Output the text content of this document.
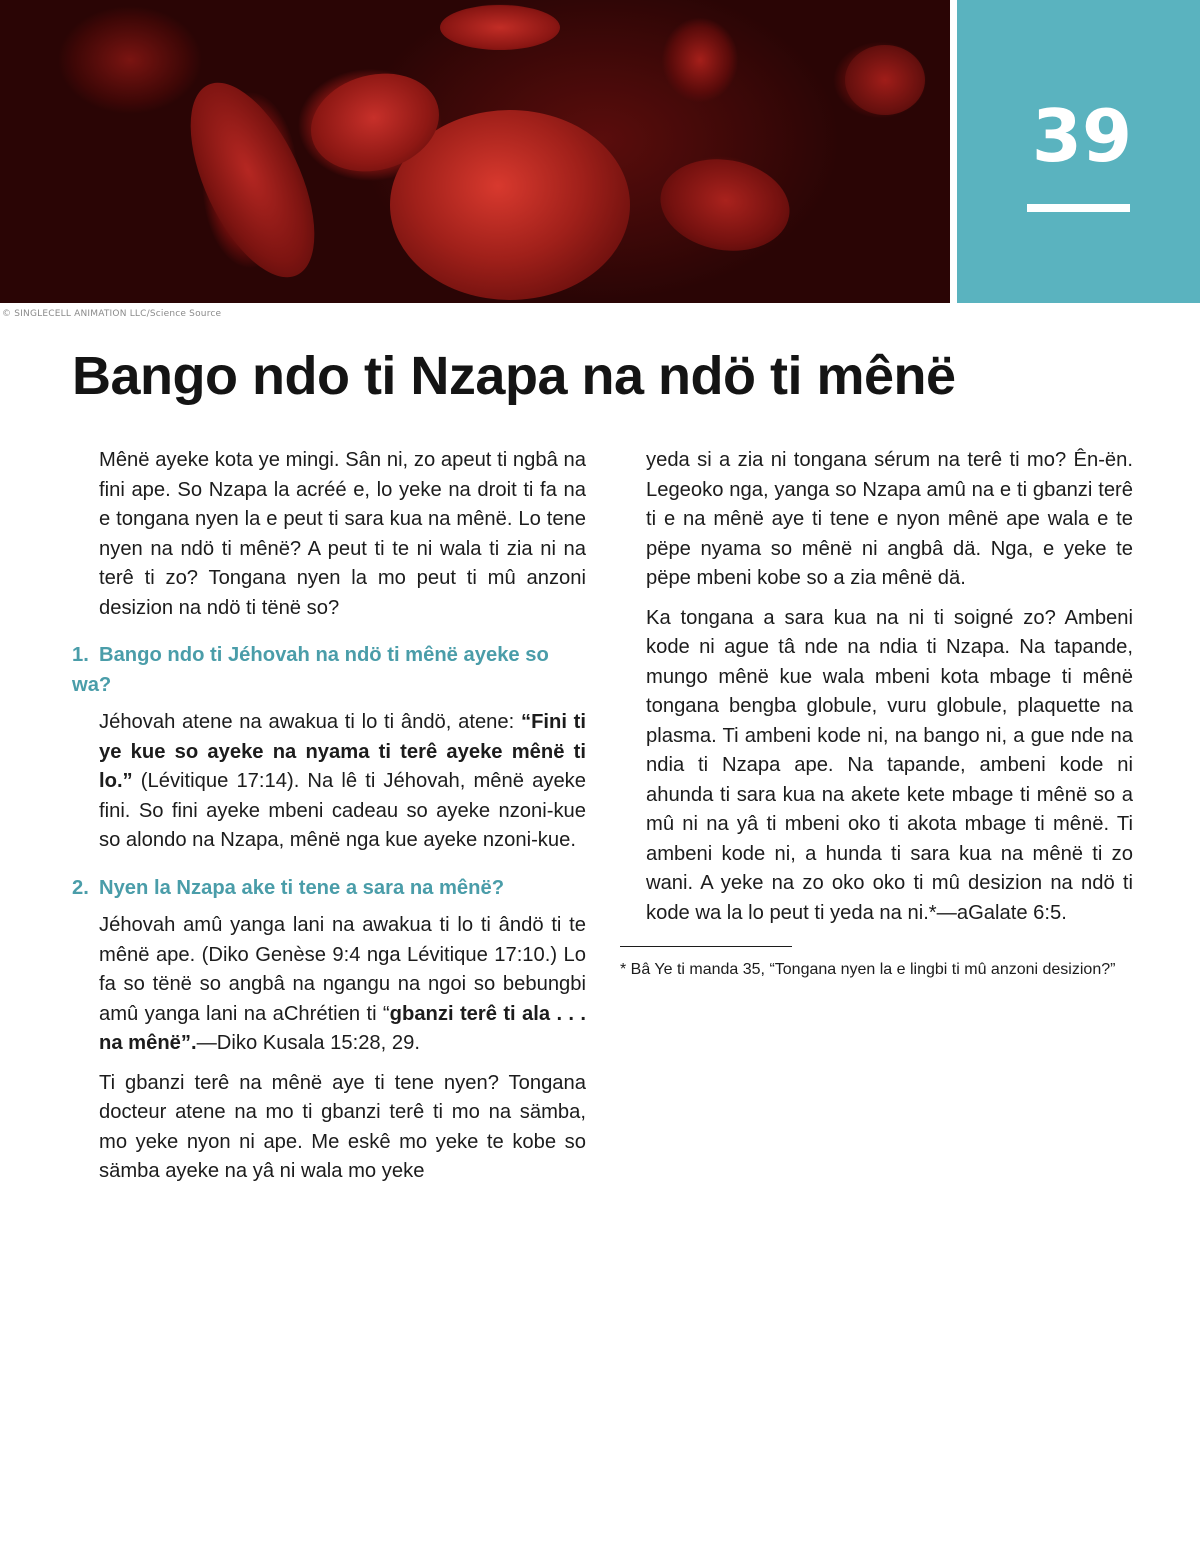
© SINGLECELL ANIMATION LLC/Science Source
39
Bango ndo ti Nzapa na ndö ti mênë

Mênë ayeke kota ye mingi. Sân ni, zo apeut ti ngbâ na fini ape. So Nzapa la acréé e, lo yeke na droit ti fa na e tongana nyen la e peut ti sara kua na mênë. Lo tene nyen na ndö ti mênë? A peut ti te ni wala ti zia ni na terê ti zo? Tongana nyen la mo peut ti mû anzoni desizion na ndö ti tënë so?

1. Bango ndo ti Jéhovah na ndö ti mênë ayeke so wa?

Jéhovah atene na awakua ti lo ti ândö, atene: “Fini ti ye kue so ayeke na nyama ti terê ayeke mênë ti lo.” (Lévitique 17:14). Na lê ti Jéhovah, mênë ayeke fini. So fini ayeke mbeni cadeau so ayeke nzoni-kue so alondo na Nzapa, mênë nga kue ayeke nzoni-kue.

2. Nyen la Nzapa ake ti tene a sara na mênë?

Jéhovah amû yanga lani na awakua ti lo ti ândö ti te mênë ape. (Diko Genèse 9:4 nga Lévitique 17:10.) Lo fa so tënë so angbâ na ngangu na ngoi so bebungbi amû yanga lani na aChrétien ti “gbanzi terê ti ala . . . na mênë”.—Diko Kusala 15:28, 29.

Ti gbanzi terê na mênë aye ti tene nyen? Tongana docteur atene na mo ti gbanzi terê ti mo na sämba, mo yeke nyon ni ape. Me eskê mo yeke te kobe so sämba ayeke na yâ ni wala mo yeke

yeda si a zia ni tongana sérum na terê ti mo? Ên-ën. Legeoko nga, yanga so Nzapa amû na e ti gbanzi terê ti e na mênë aye ti tene e nyon mênë ape wala e te pëpe nyama so mênë ni angbâ dä. Nga, e yeke te pëpe mbeni kobe so a zia mênë dä.

Ka tongana a sara kua na ni ti soigné zo? Ambeni kode ni ague tâ nde na ndia ti Nzapa. Na tapande, mungo mênë kue wala mbeni kota mbage ti mênë tongana bengba globule, vuru globule, plaquette na plasma. Ti ambeni kode ni, na bango ni, a gue nde na ndia ti Nzapa ape. Na tapande, ambeni kode ni ahunda ti sara kua na akete kete mbage ti mênë so a mû ni na yâ ti mbeni oko ti akota mbage ti mênë. Ti ambeni kode ni, a hunda ti sara kua na mênë ti zo wani. A yeke na zo oko oko ti mû desizion na ndö ti kode wa la lo peut ti yeda na ni.*—aGalate 6:5.

* Bâ Ye ti manda 35, “Tongana nyen la e lingbi ti mû anzoni desizion?”
